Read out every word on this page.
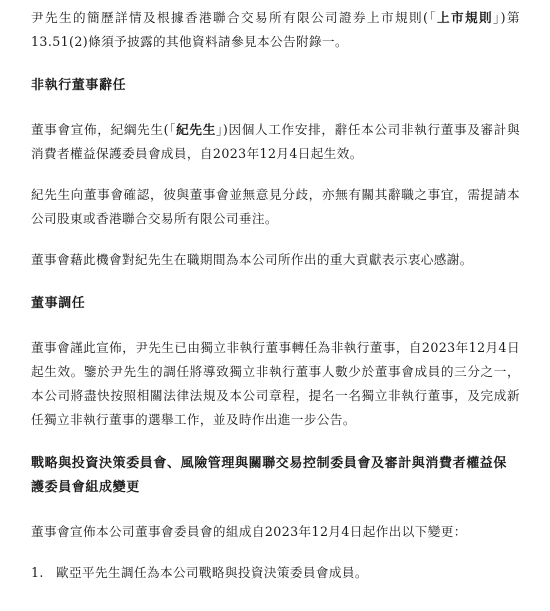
尹先生的簡歷詳情及根據香港聯合交易所有限公司證券上市規則(「上市規則」)第13.51(2)條須予披露的其他資料請參見本公告附錄一。

非執行董事辭任

董事會宣佈，紀綱先生(「紀先生」)因個人工作安排，辭任本公司非執行董事及審計與消費者權益保護委員會成員，自2023年12月4日起生效。

紀先生向董事會確認，彼與董事會並無意見分歧，亦無有關其辭職之事宜，需提請本公司股東或香港聯合交易所有限公司垂注。

董事會藉此機會對紀先生在職期間為本公司所作出的重大貢獻表示衷心感謝。

董事調任

董事會謹此宣佈，尹先生已由獨立非執行董事轉任為非執行董事，自2023年12月4日起生效。鑒於尹先生的調任將導致獨立非執行董事人數少於董事會成員的三分之一，本公司將盡快按照相關法律法規及本公司章程，提名一名獨立非執行董事，及完成新任獨立非執行董事的選舉工作，並及時作出進一步公告。

戰略與投資決策委員會、風險管理與關聯交易控制委員會及審計與消費者權益保護委員會組成變更

董事會宣佈本公司董事會委員會的組成自2023年12月4日起作出以下變更：

1. 歐亞平先生調任為本公司戰略與投資決策委員會成員。
